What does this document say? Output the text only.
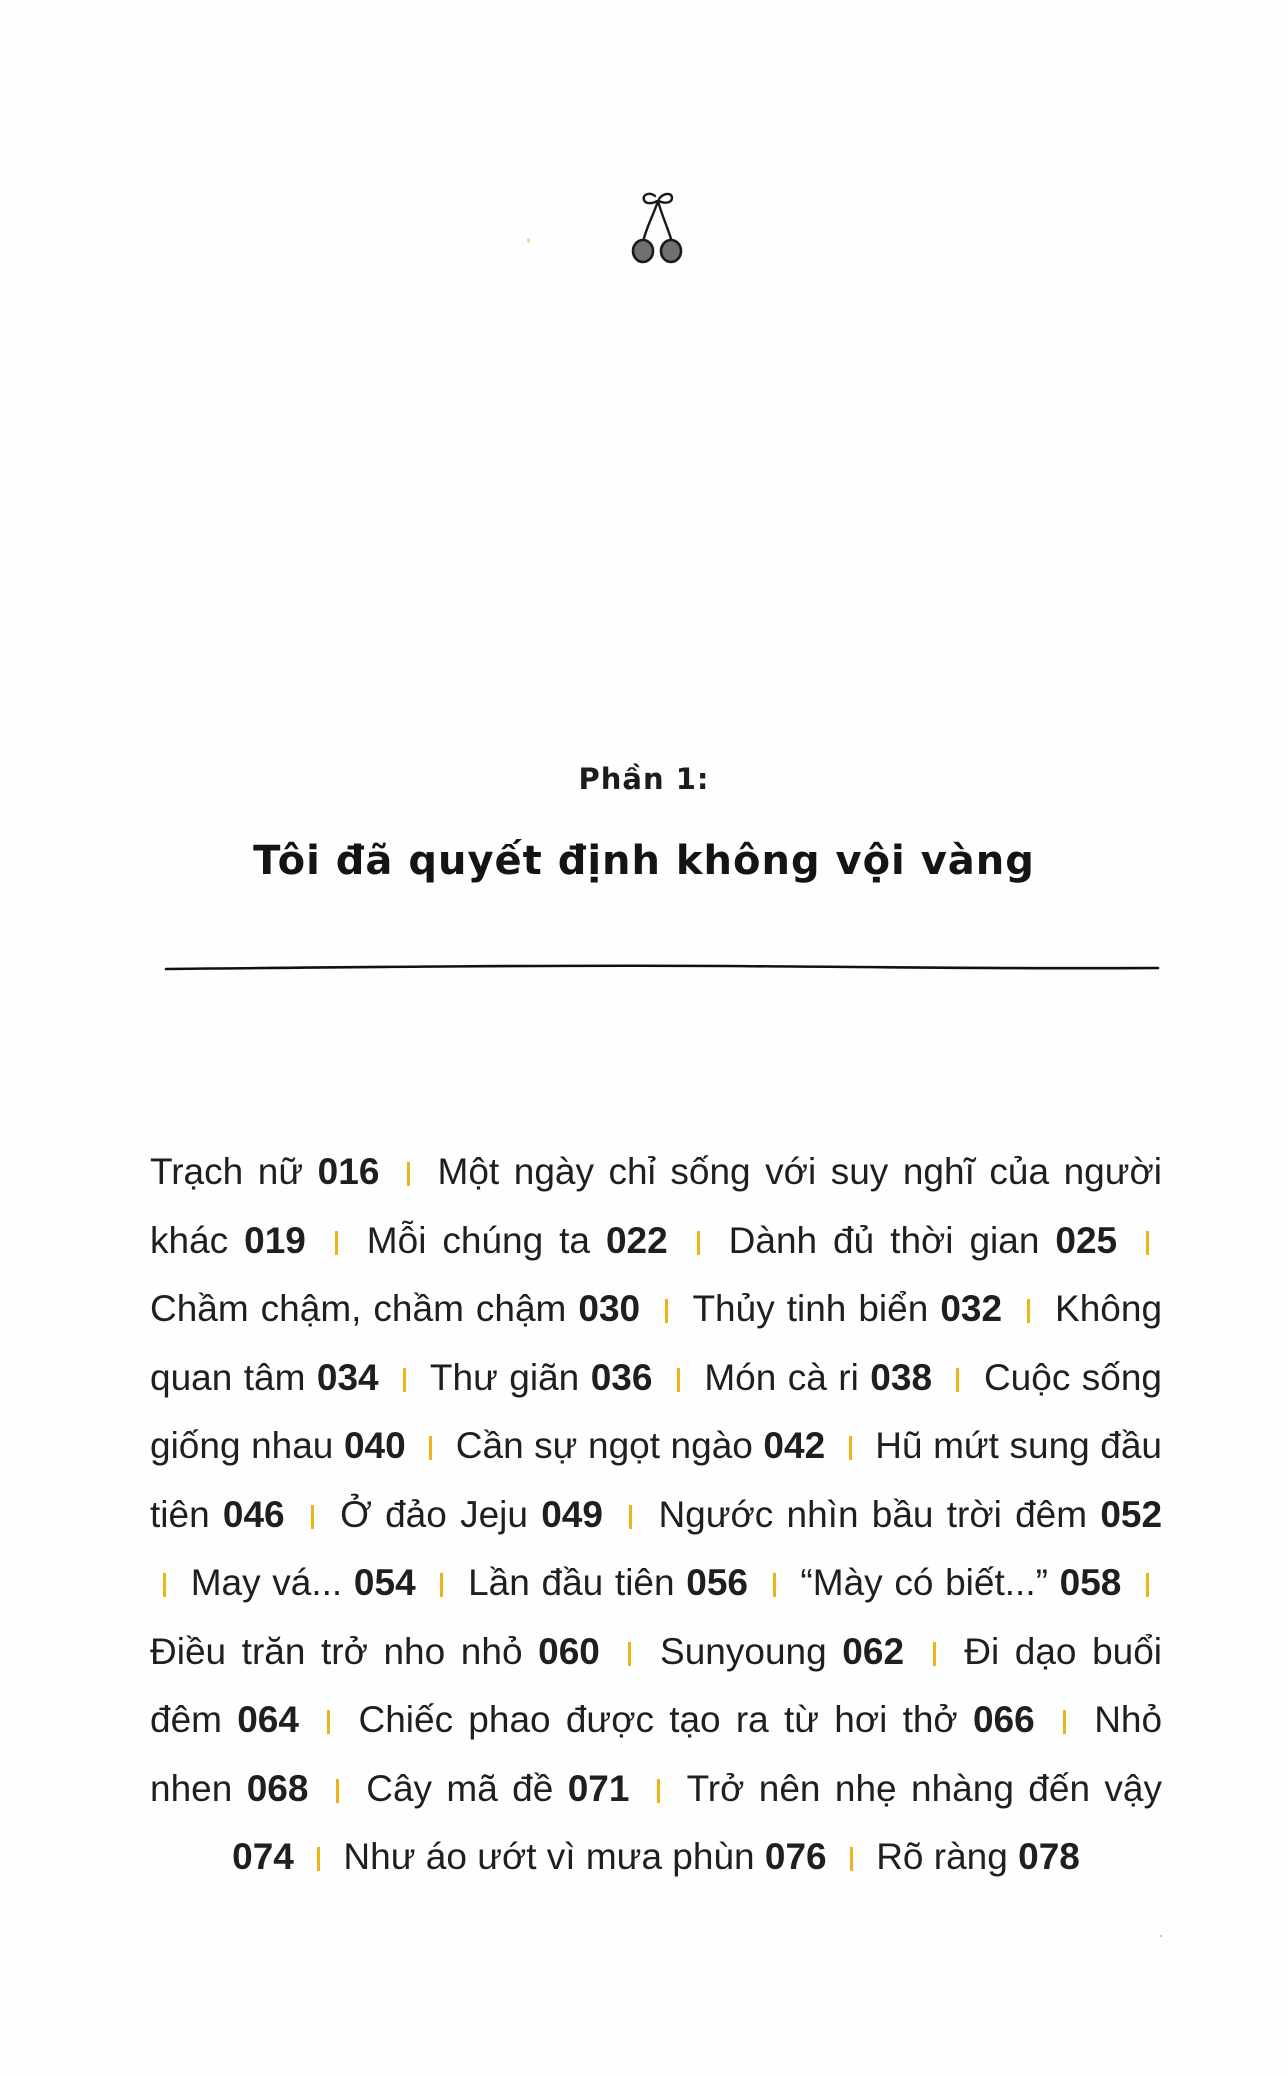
Phần 1:
Tôi đã quyết định không vội vàng
Trạch nữ 016 Một ngày chỉ sống với suy nghĩ của người khác 019 Mỗi chúng ta 022 Dành đủ thời gian 025  Chầm chậm, chầm chậm 030 Thủy tinh biển 032 Không quan tâm 034 Thư giãn 036 Món cà ri 038 Cuộc sống giống nhau 040 Cần sự ngọt ngào 042 Hũ mứt sung đầu tiên 046 Ở đảo Jeju 049 Ngước nhìn bầu trời đêm 052  May vá... 054 Lần đầu tiên 056 “Mày có biết...” 058  Điều trăn trở nho nhỏ 060 Sunyoung 062 Đi dạo buổi đêm 064 Chiếc phao được tạo ra từ hơi thở 066 Nhỏ nhen 068 Cây mã đề 071 Trở nên nhẹ nhàng đến vậy 074 Như áo ướt vì mưa phùn 076 Rõ ràng 078
